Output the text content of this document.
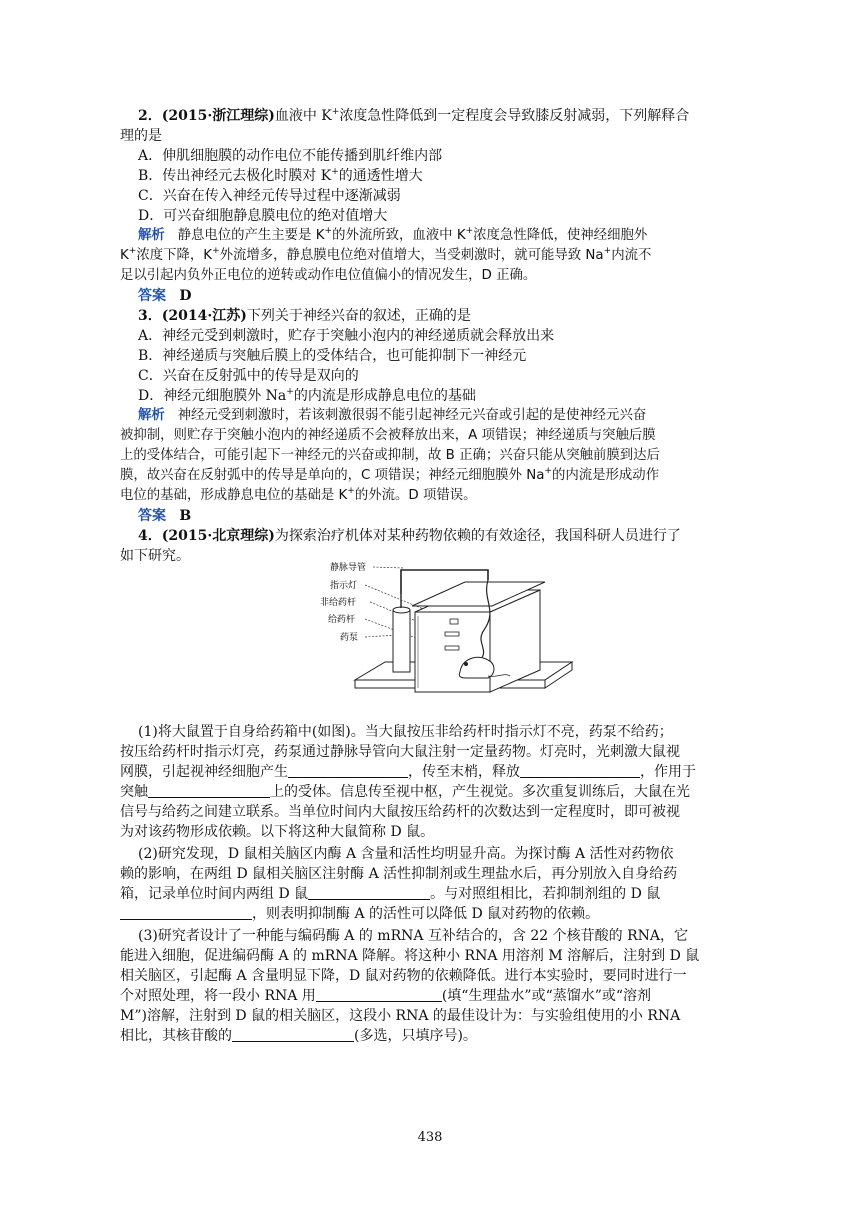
2．(2015·浙江理综)血液中 K+浓度急性降低到一定程度会导致膝反射减弱，下列解释合
理的是
A．伸肌细胞膜的动作电位不能传播到肌纤维内部
B．传出神经元去极化时膜对 K+的通透性增大
C．兴奋在传入神经元传导过程中逐渐减弱
D．可兴奋细胞静息膜电位的绝对值增大
解析 静息电位的产生主要是 K+的外流所致，血液中 K+浓度急性降低，使神经细胞外
K+浓度下降，K+外流增多，静息膜电位绝对值增大，当受刺激时，就可能导致 Na+内流不
足以引起内负外正电位的逆转或动作电位值偏小的情况发生，D 正确。
答案 D
3．(2014·江苏)下列关于神经兴奋的叙述，正确的是
A．神经元受到刺激时，贮存于突触小泡内的神经递质就会释放出来
B．神经递质与突触后膜上的受体结合，也可能抑制下一神经元
C．兴奋在反射弧中的传导是双向的
D．神经元细胞膜外 Na+的内流是形成静息电位的基础
解析 神经元受到刺激时，若该刺激很弱不能引起神经元兴奋或引起的是使神经元兴奋
被抑制，则贮存于突触小泡内的神经递质不会被释放出来，A 项错误；神经递质与突触后膜
上的受体结合，可能引起下一神经元的兴奋或抑制，故 B 正确；兴奋只能从突触前膜到达后
膜，故兴奋在反射弧中的传导是单向的，C 项错误；神经元细胞膜外 Na+的内流是形成动作
电位的基础，形成静息电位的基础是 K+的外流。D 项错误。
答案 B
4．(2015·北京理综)为探索治疗机体对某种药物依赖的有效途径，我国科研人员进行了
如下研究。
静脉导管
指示灯
非给药杆
给药杆
药泵
(1)将大鼠置于自身给药箱中(如图)。当大鼠按压非给药杆时指示灯不亮，药泵不给药；
按压给药杆时指示灯亮，药泵通过静脉导管向大鼠注射一定量药物。灯亮时，光刺激大鼠视
网膜，引起视神经细胞产生	，传至末梢，释放	，作用于
突触	上的受体。信息传至视中枢，产生视觉。多次重复训练后，大鼠在光
信号与给药之间建立联系。当单位时间内大鼠按压给药杆的次数达到一定程度时，即可被视
为对该药物形成依赖。以下将这种大鼠简称 D 鼠。
(2)研究发现，D 鼠相关脑区内酶 A 含量和活性均明显升高。为探讨酶 A 活性对药物依
赖的影响，在两组 D 鼠相关脑区注射酶 A 活性抑制剂或生理盐水后，再分别放入自身给药
箱，记录单位时间内两组 D 鼠	。与对照组相比，若抑制剂组的 D 鼠
，则表明抑制酶 A 的活性可以降低 D 鼠对药物的依赖。
(3)研究者设计了一种能与编码酶 A 的 mRNA 互补结合的，含 22 个核苷酸的 RNA，它
能进入细胞，促进编码酶 A 的 mRNA 降解。将这种小 RNA 用溶剂 M 溶解后，注射到 D 鼠
相关脑区，引起酶 A 含量明显下降，D 鼠对药物的依赖降低。进行本实验时，要同时进行一
个对照处理，将一段小 RNA 用	(填“生理盐水”或“蒸馏水”或“溶剂
M”)溶解，注射到 D 鼠的相关脑区，这段小 RNA 的最佳设计为：与实验组使用的小 RNA
相比，其核苷酸的	(多选，只填序号)。
438
